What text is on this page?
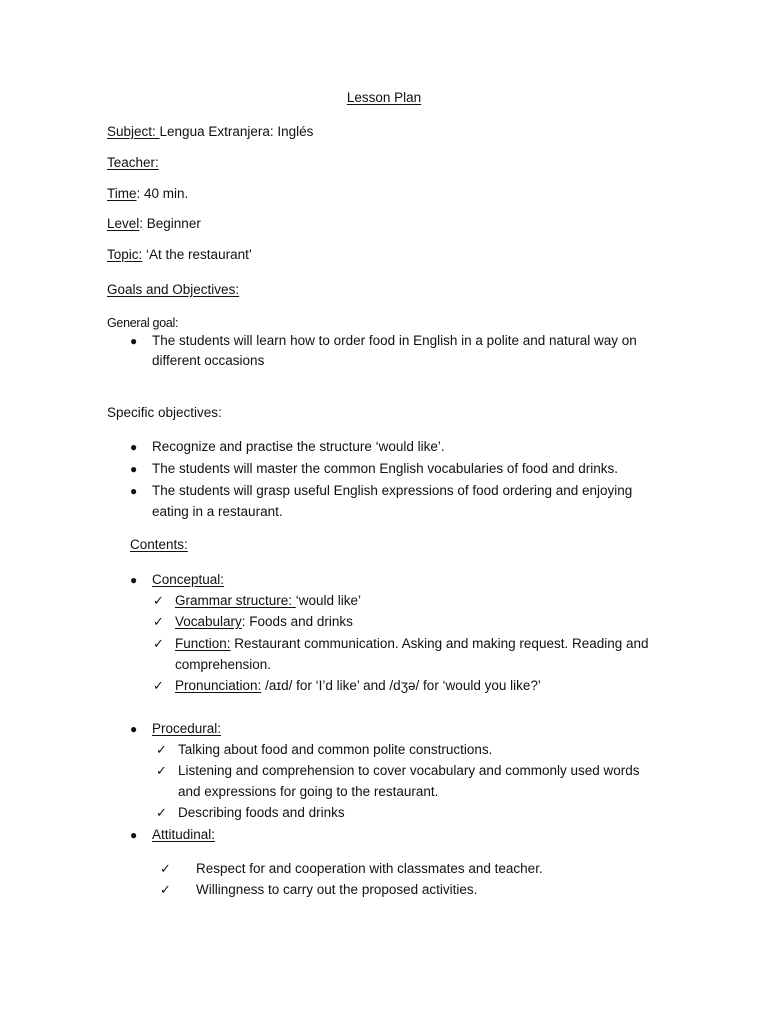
Lesson Plan
Subject: Lengua Extranjera: Inglés
Teacher:
Time: 40 min.
Level: Beginner
Topic: ‘At the restaurant’
Goals and Objectives:
General goal:
● The students will learn how to order food in English in a polite and natural way on
different occasions
Specific objectives:
● Recognize and practise the structure ‘would like’.
● The students will master the common English vocabularies of food and drinks.
● The students will grasp useful English expressions of food ordering and enjoying
eating in a restaurant.
Contents:
● Conceptual:
✓ Grammar structure: ‘would like’
✓ Vocabulary: Foods and drinks
✓ Function: Restaurant communication. Asking and making request. Reading and
comprehension.
✓ Pronunciation: /aɪd/ for ‘I’d like’ and /dʒə/ for ‘would you like?’
● Procedural:
✓ Talking about food and common polite constructions.
✓ Listening and comprehension to cover vocabulary and commonly used words
and expressions for going to the restaurant.
✓ Describing foods and drinks
● Attitudinal:
✓ Respect for and cooperation with classmates and teacher.
✓ Willingness to carry out the proposed activities.
